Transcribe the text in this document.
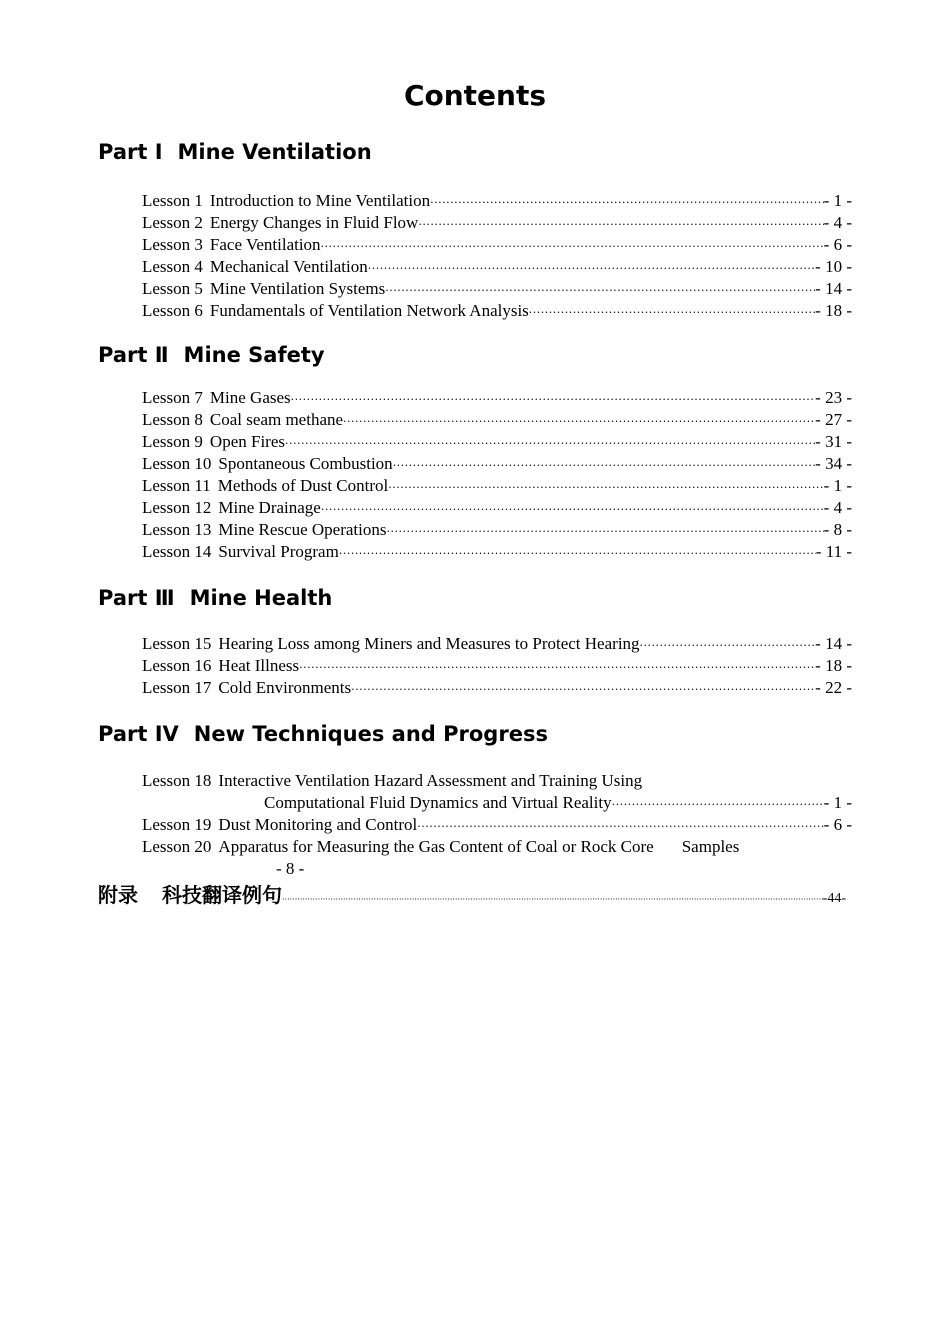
Contents
Part I Mine Ventilation
Lesson 1 Introduction to Mine Ventilation ·····	- 1 -
Lesson 2 Energy Changes in Fluid Flow ·····	- 4 -
Lesson 3 Face Ventilation ·····	- 6 -
Lesson 4 Mechanical Ventilation ·····	- 10 -
Lesson 5 Mine Ventilation Systems ·····	- 14 -
Lesson 6 Fundamentals of Ventilation Network Analysis ·····	- 18 -
Part Ⅱ Mine Safety
Lesson 7 Mine Gases ·····	- 23 -
Lesson 8 Coal seam methane ·····	- 27 -
Lesson 9 Open Fires ·····	- 31 -
Lesson 10 Spontaneous Combustion ·····	- 34 -
Lesson 11 Methods of Dust Control ·····	- 1 -
Lesson 12 Mine Drainage ·····	- 4 -
Lesson 13 Mine Rescue Operations ·····	- 8 -
Lesson 14 Survival Program ·····	- 11 -
Part Ⅲ Mine Health
Lesson 15 Hearing Loss among Miners and Measures to Protect Hearing ·····	- 14 -
Lesson 16 Heat Illness ·····	- 18 -
Lesson 17 Cold Environments ·····	- 22 -
Part IV New Techniques and Progress
Lesson 18 Interactive Ventilation Hazard Assessment and Training Using
Computational Fluid Dynamics and Virtual Reality ·····	- 1 -
Lesson 19 Dust Monitoring and Control ·····	- 6 -
Lesson 20 Apparatus for Measuring the Gas Content of Coal or Rock Core Samples
- 8 -
附录 科技翻译例句 ·····	-44-
